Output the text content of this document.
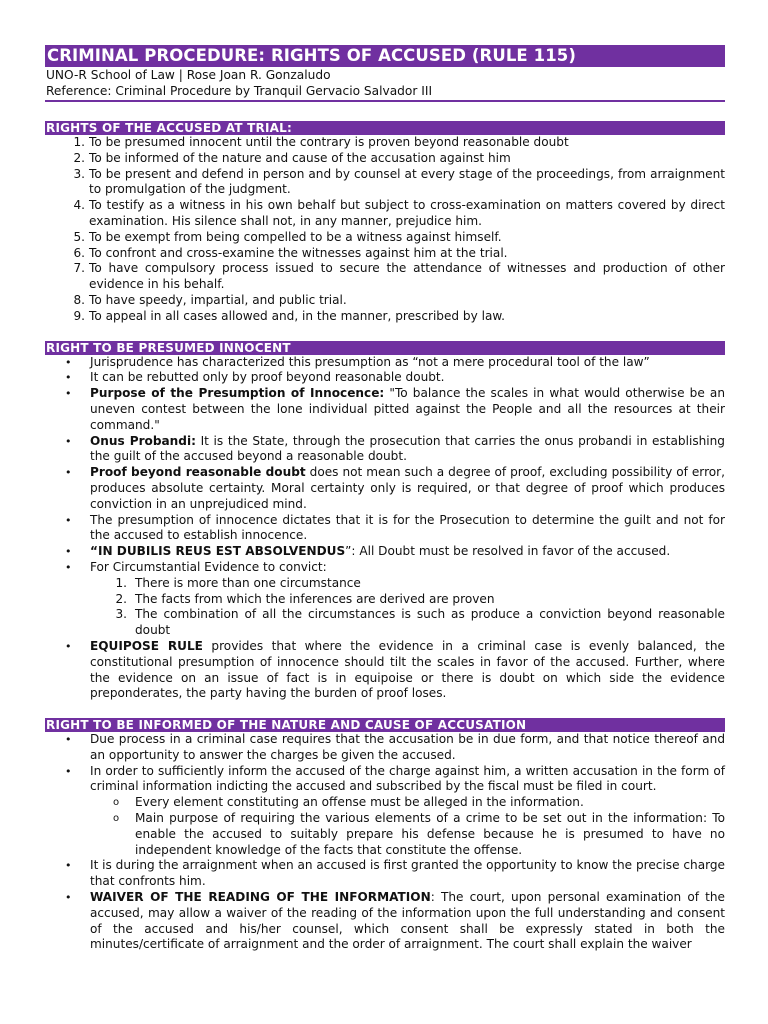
CRIMINAL PROCEDURE: RIGHTS OF ACCUSED (RULE 115)
UNO-R School of Law | Rose Joan R. Gonzaludo
Reference: Criminal Procedure by Tranquil Gervacio Salvador III
RIGHTS OF THE ACCUSED AT TRIAL:
1. To be presumed innocent until the contrary is proven beyond reasonable doubt
2. To be informed of the nature and cause of the accusation against him
3. To be present and defend in person and by counsel at every stage of the proceedings, from arraignment to promulgation of the judgment.
4. To testify as a witness in his own behalf but subject to cross-examination on matters covered by direct examination. His silence shall not, in any manner, prejudice him.
5. To be exempt from being compelled to be a witness against himself.
6. To confront and cross-examine the witnesses against him at the trial.
7. To have compulsory process issued to secure the attendance of witnesses and production of other evidence in his behalf.
8. To have speedy, impartial, and public trial.
9. To appeal in all cases allowed and, in the manner, prescribed by law.
RIGHT TO BE PRESUMED INNOCENT
• Jurisprudence has characterized this presumption as “not a mere procedural tool of the law”
• It can be rebutted only by proof beyond reasonable doubt.
• Purpose of the Presumption of Innocence: "To balance the scales in what would otherwise be an uneven contest between the lone individual pitted against the People and all the resources at their command."
• Onus Probandi: It is the State, through the prosecution that carries the onus probandi in establishing the guilt of the accused beyond a reasonable doubt.
• Proof beyond reasonable doubt does not mean such a degree of proof, excluding possibility of error, produces absolute certainty. Moral certainty only is required, or that degree of proof which produces conviction in an unprejudiced mind.
• The presumption of innocence dictates that it is for the Prosecution to determine the guilt and not for the accused to establish innocence.
• “IN DUBILIS REUS EST ABSOLVENDUS”: All Doubt must be resolved in favor of the accused.
• For Circumstantial Evidence to convict:
1. There is more than one circumstance
2. The facts from which the inferences are derived are proven
3. The combination of all the circumstances is such as produce a conviction beyond reasonable doubt
• EQUIPOSE RULE provides that where the evidence in a criminal case is evenly balanced, the constitutional presumption of innocence should tilt the scales in favor of the accused. Further, where the evidence on an issue of fact is in equipoise or there is doubt on which side the evidence preponderates, the party having the burden of proof loses.
RIGHT TO BE INFORMED OF THE NATURE AND CAUSE OF ACCUSATION
• Due process in a criminal case requires that the accusation be in due form, and that notice thereof and an opportunity to answer the charges be given the accused.
• In order to sufficiently inform the accused of the charge against him, a written accusation in the form of criminal information indicting the accused and subscribed by the fiscal must be filed in court.
o Every element constituting an offense must be alleged in the information.
o Main purpose of requiring the various elements of a crime to be set out in the information: To enable the accused to suitably prepare his defense because he is presumed to have no independent knowledge of the facts that constitute the offense.
• It is during the arraignment when an accused is first granted the opportunity to know the precise charge that confronts him.
• WAIVER OF THE READING OF THE INFORMATION: The court, upon personal examination of the accused, may allow a waiver of the reading of the information upon the full understanding and consent of the accused and his/her counsel, which consent shall be expressly stated in both the minutes/certificate of arraignment and the order of arraignment. The court shall explain the waiver
